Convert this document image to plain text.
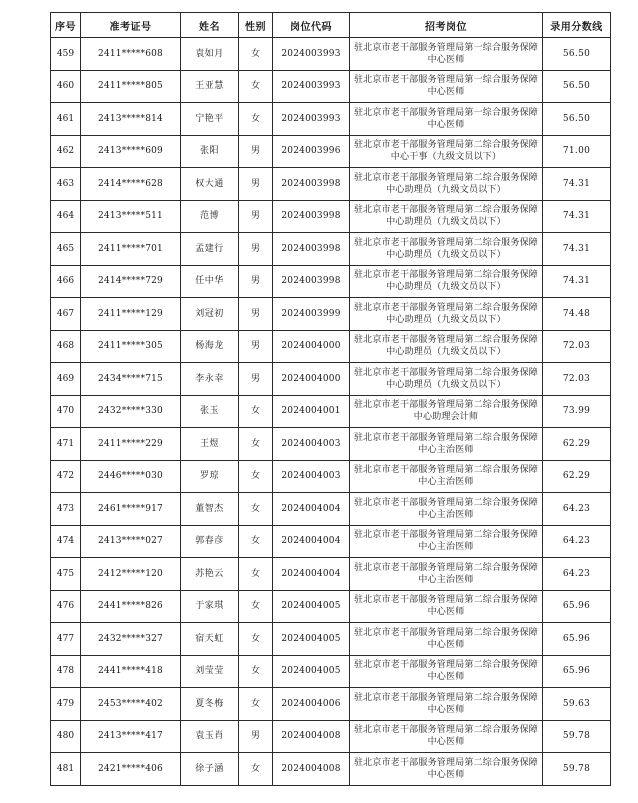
序号	准考证号	姓名	性别	岗位代码	招考岗位	录用分数线
459	2411*****608	袁如月	女	2024003993	驻北京市老干部服务管理局第一综合服务保障中心医师	56.50
460	2411*****805	王亚慧	女	2024003993	驻北京市老干部服务管理局第一综合服务保障中心医师	56.50
461	2413*****814	宁艳平	女	2024003993	驻北京市老干部服务管理局第一综合服务保障中心医师	56.50
462	2413*****609	张阳	男	2024003996	驻北京市老干部服务管理局第二综合服务保障中心干事（九级文员以下）	71.00
463	2414*****628	权大通	男	2024003998	驻北京市老干部服务管理局第二综合服务保障中心助理员（九级文员以下）	74.31
464	2413*****511	范博	男	2024003998	驻北京市老干部服务管理局第二综合服务保障中心助理员（九级文员以下）	74.31
465	2411*****701	孟建行	男	2024003998	驻北京市老干部服务管理局第二综合服务保障中心助理员（九级文员以下）	74.31
466	2414*****729	任中华	男	2024003998	驻北京市老干部服务管理局第二综合服务保障中心助理员（九级文员以下）	74.31
467	2411*****129	刘冠初	男	2024003999	驻北京市老干部服务管理局第二综合服务保障中心助理员（九级文员以下）	74.48
468	2411*****305	杨海龙	男	2024004000	驻北京市老干部服务管理局第二综合服务保障中心助理员（九级文员以下）	72.03
469	2434*****715	李永幸	男	2024004000	驻北京市老干部服务管理局第二综合服务保障中心助理员（九级文员以下）	72.03
470	2432*****330	张玉	女	2024004001	驻北京市老干部服务管理局第二综合服务保障中心助理会计师	73.99
471	2411*****229	王煜	女	2024004003	驻北京市老干部服务管理局第二综合服务保障中心主治医师	62.29
472	2446*****030	罗琼	女	2024004003	驻北京市老干部服务管理局第二综合服务保障中心主治医师	62.29
473	2461*****917	董智杰	女	2024004004	驻北京市老干部服务管理局第二综合服务保障中心主治医师	64.23
474	2413*****027	郭春彦	女	2024004004	驻北京市老干部服务管理局第二综合服务保障中心主治医师	64.23
475	2412*****120	苏艳云	女	2024004004	驻北京市老干部服务管理局第二综合服务保障中心主治医师	64.23
476	2441*****826	于家琪	女	2024004005	驻北京市老干部服务管理局第二综合服务保障中心医师	65.96
477	2432*****327	宿天虹	女	2024004005	驻北京市老干部服务管理局第二综合服务保障中心医师	65.96
478	2441*****418	刘莹莹	女	2024004005	驻北京市老干部服务管理局第二综合服务保障中心医师	65.96
479	2453*****402	夏冬梅	女	2024004006	驻北京市老干部服务管理局第二综合服务保障中心医师	59.63
480	2413*****417	袁玉肖	男	2024004008	驻北京市老干部服务管理局第二综合服务保障中心医师	59.78
481	2421*****406	徐子涵	女	2024004008	驻北京市老干部服务管理局第二综合服务保障中心医师	59.78
